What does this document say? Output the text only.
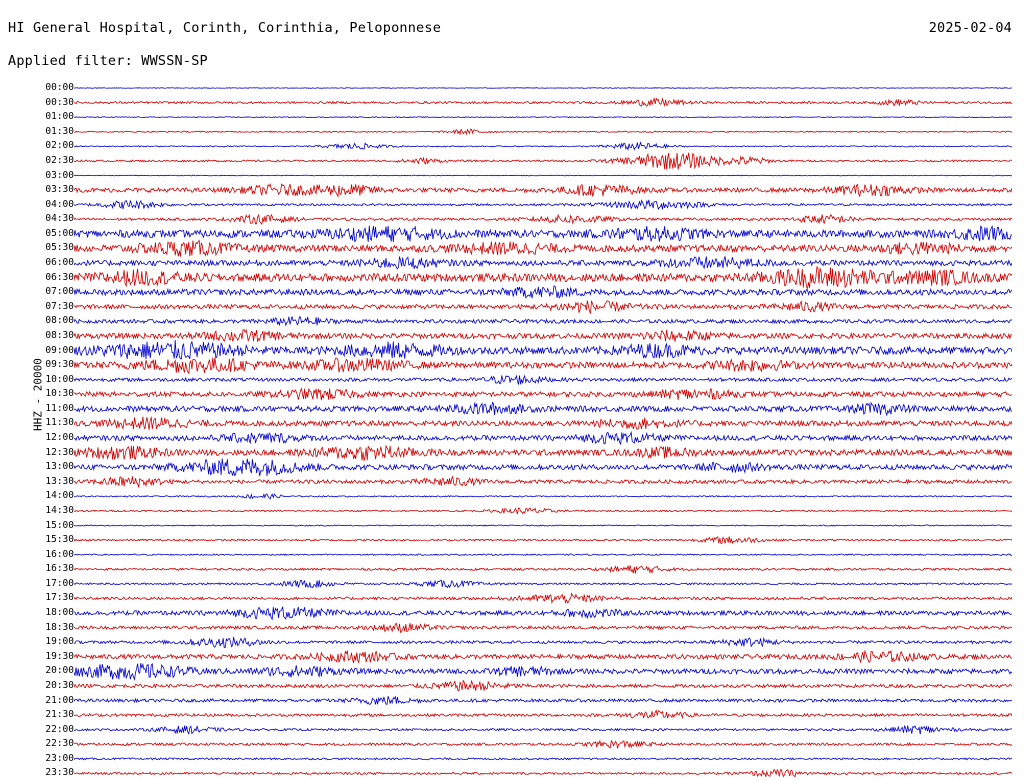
HI General Hospital, Corinth, Corinthia, Peloponnese	2025-02-04
Applied filter: WWSSN-SP
HHZ - 20000
00:00
00:30
01:00
01:30
02:00
02:30
03:00
03:30
04:00
04:30
05:00
05:30
06:00
06:30
07:00
07:30
08:00
08:30
09:00
09:30
10:00
10:30
11:00
11:30
12:00
12:30
13:00
13:30
14:00
14:30
15:00
15:30
16:00
16:30
17:00
17:30
18:00
18:30
19:00
19:30
20:00
20:30
21:00
21:30
22:00
22:30
23:00
23:30
